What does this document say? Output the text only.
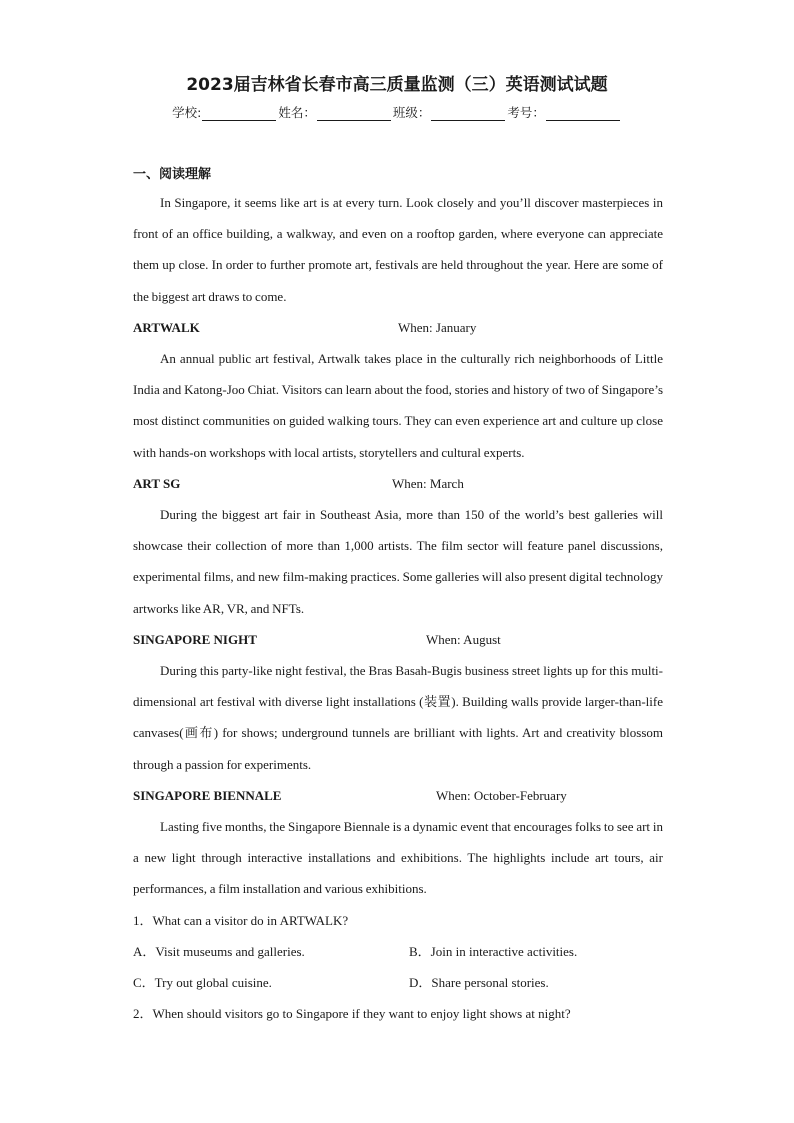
2023届吉林省长春市高三质量监测（三）英语测试试题
学校:	姓名：	班级：	考号：
一、阅读理解

In Singapore, it seems like art is at every turn. Look closely and you’ll discover masterpieces in front of an office building, a walkway, and even on a rooftop garden, where everyone can appreciate them up close. In order to further promote art, festivals are held throughout the year. Here are some of the biggest art draws to come.

ARTWALK	When: January

An annual public art festival, Artwalk takes place in the culturally rich neighborhoods of Little India and Katong-Joo Chiat. Visitors can learn about the food, stories and history of two of Singapore’s most distinct communities on guided walking tours. They can even experience art and culture up close with hands-on workshops with local artists, storytellers and cultural experts.

ART SG	When: March

During the biggest art fair in Southeast Asia, more than 150 of the world’s best galleries will showcase their collection of more than 1,000 artists. The film sector will feature panel discussions, experimental films, and new film-making practices. Some galleries will also present digital technology artworks like AR, VR, and NFTs.

SINGAPORE NIGHT	When: August

During this party-like night festival, the Bras Basah-Bugis business street lights up for this multi-dimensional art festival with diverse light installations (装置). Building walls provide larger-than-life canvases(画布) for shows; underground tunnels are brilliant with lights. Art and creativity blossom through a passion for experiments.

SINGAPORE BIENNALE	When: October-February

Lasting five months, the Singapore Biennale is a dynamic event that encourages folks to see art in a new light through interactive installations and exhibitions. The highlights include art tours, air performances, a film installation and various exhibitions.

1．What can a visitor do in ARTWALK?
A．Visit museums and galleries.	B．Join in interactive activities.
C．Try out global cuisine.	D．Share personal stories.
2．When should visitors go to Singapore if they want to enjoy light shows at night?
